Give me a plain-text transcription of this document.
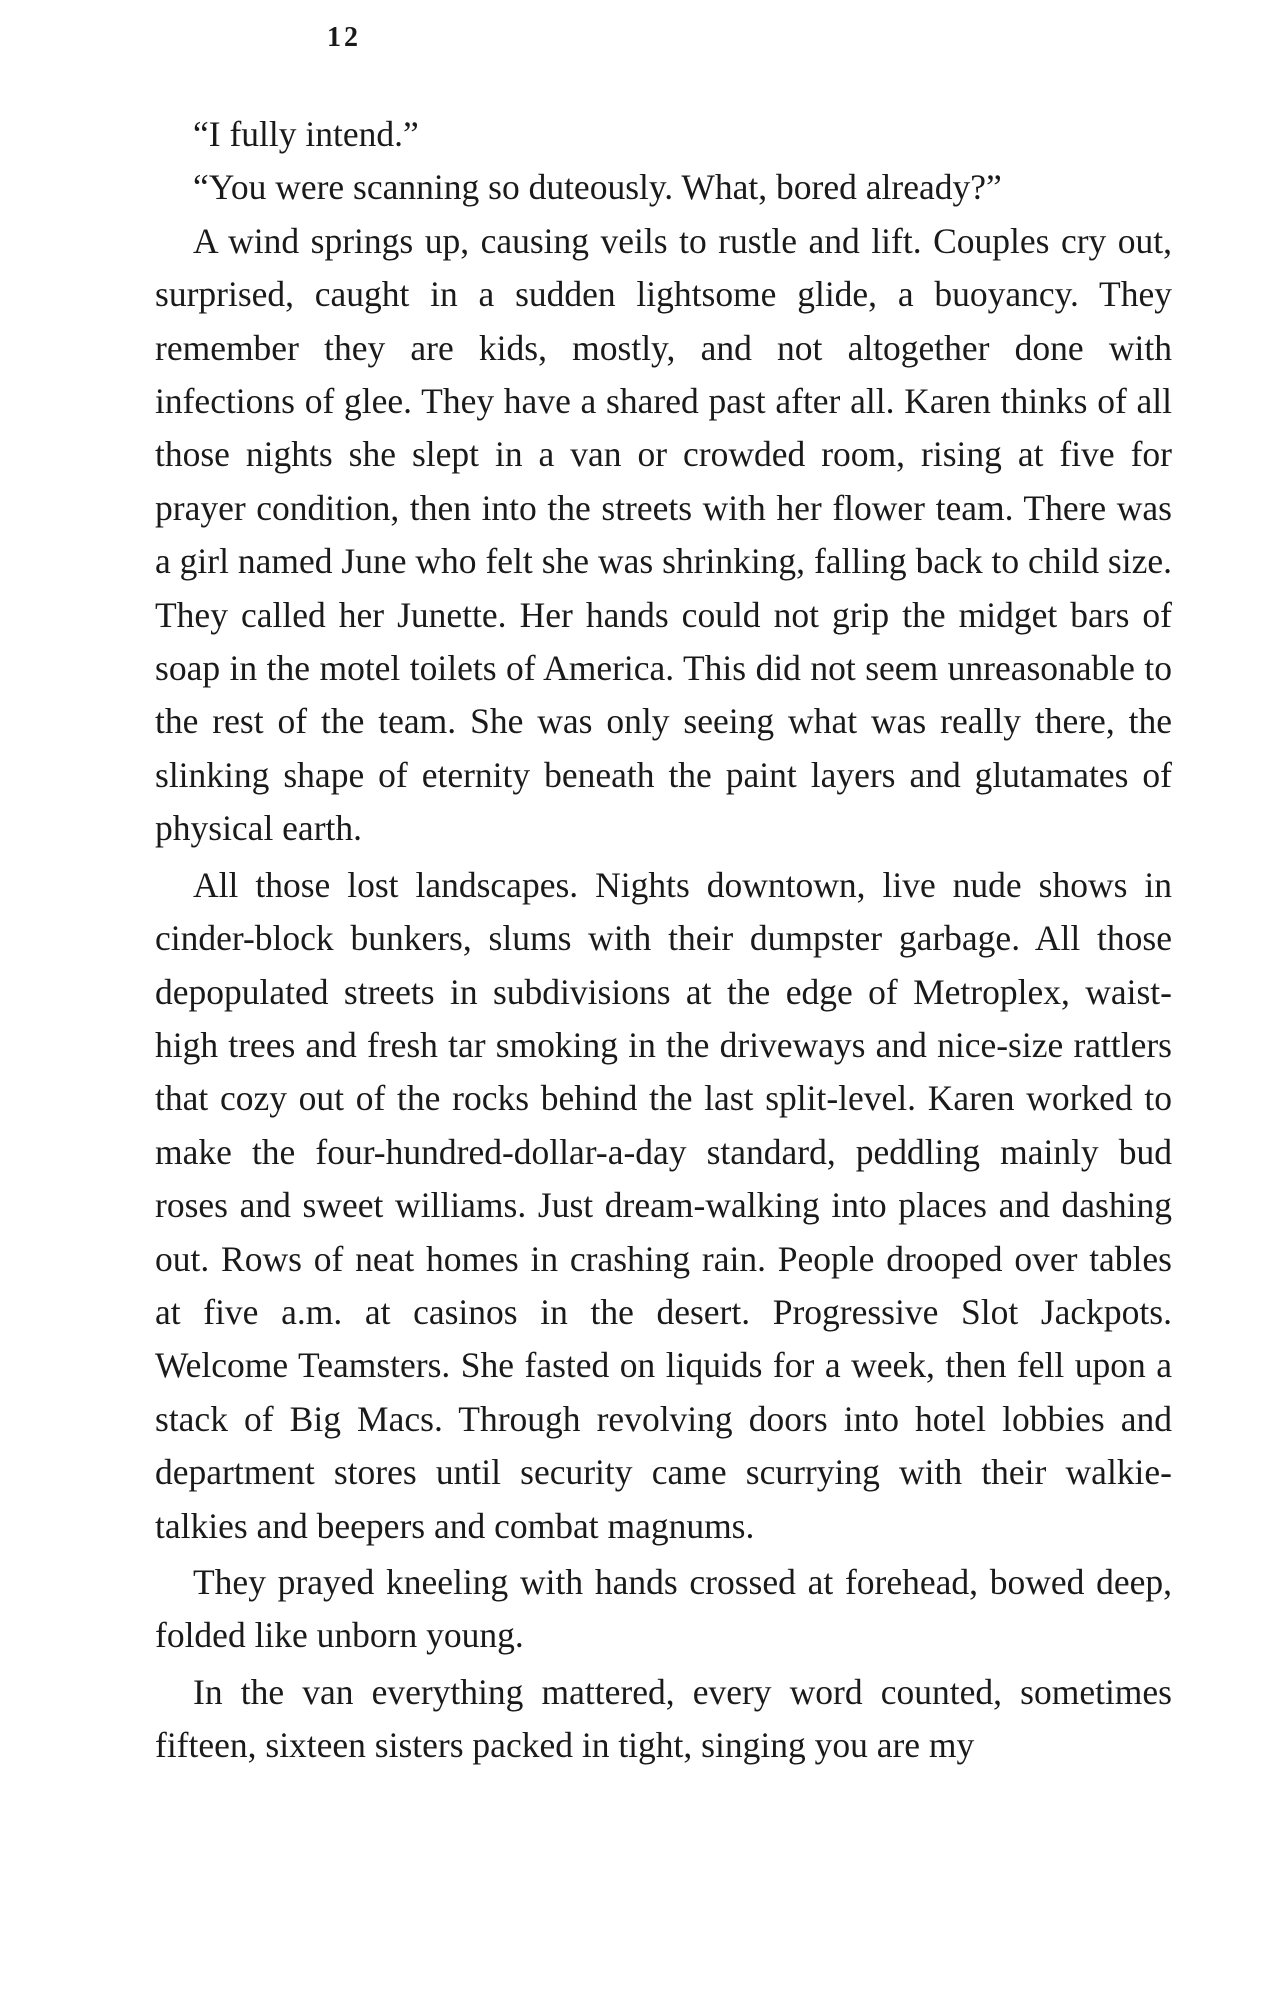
12

“I fully intend.”

“You were scanning so duteously. What, bored already?”

A wind springs up, causing veils to rustle and lift. Couples cry out, surprised, caught in a sudden lightsome glide, a buoyancy. They remember they are kids, mostly, and not altogether done with infections of glee. They have a shared past after all. Karen thinks of all those nights she slept in a van or crowded room, rising at five for prayer condition, then into the streets with her flower team. There was a girl named June who felt she was shrinking, falling back to child size. They called her Junette. Her hands could not grip the midget bars of soap in the motel toilets of America. This did not seem unreasonable to the rest of the team. She was only seeing what was really there, the slinking shape of eternity beneath the paint layers and glutamates of physical earth.

All those lost landscapes. Nights downtown, live nude shows in cinder-block bunkers, slums with their dumpster garbage. All those depopulated streets in subdivisions at the edge of Metroplex, waist-high trees and fresh tar smoking in the driveways and nice-size rattlers that cozy out of the rocks behind the last split-level. Karen worked to make the four-hundred-dollar-a-day standard, peddling mainly bud roses and sweet williams. Just dream-walking into places and dashing out. Rows of neat homes in crashing rain. People drooped over tables at five a.m. at casinos in the desert. Progressive Slot Jackpots. Welcome Teamsters. She fasted on liquids for a week, then fell upon a stack of Big Macs. Through revolving doors into hotel lobbies and department stores until security came scurrying with their walkie-talkies and beepers and combat magnums.

They prayed kneeling with hands crossed at forehead, bowed deep, folded like unborn young.

In the van everything mattered, every word counted, sometimes fifteen, sixteen sisters packed in tight, singing you are my
